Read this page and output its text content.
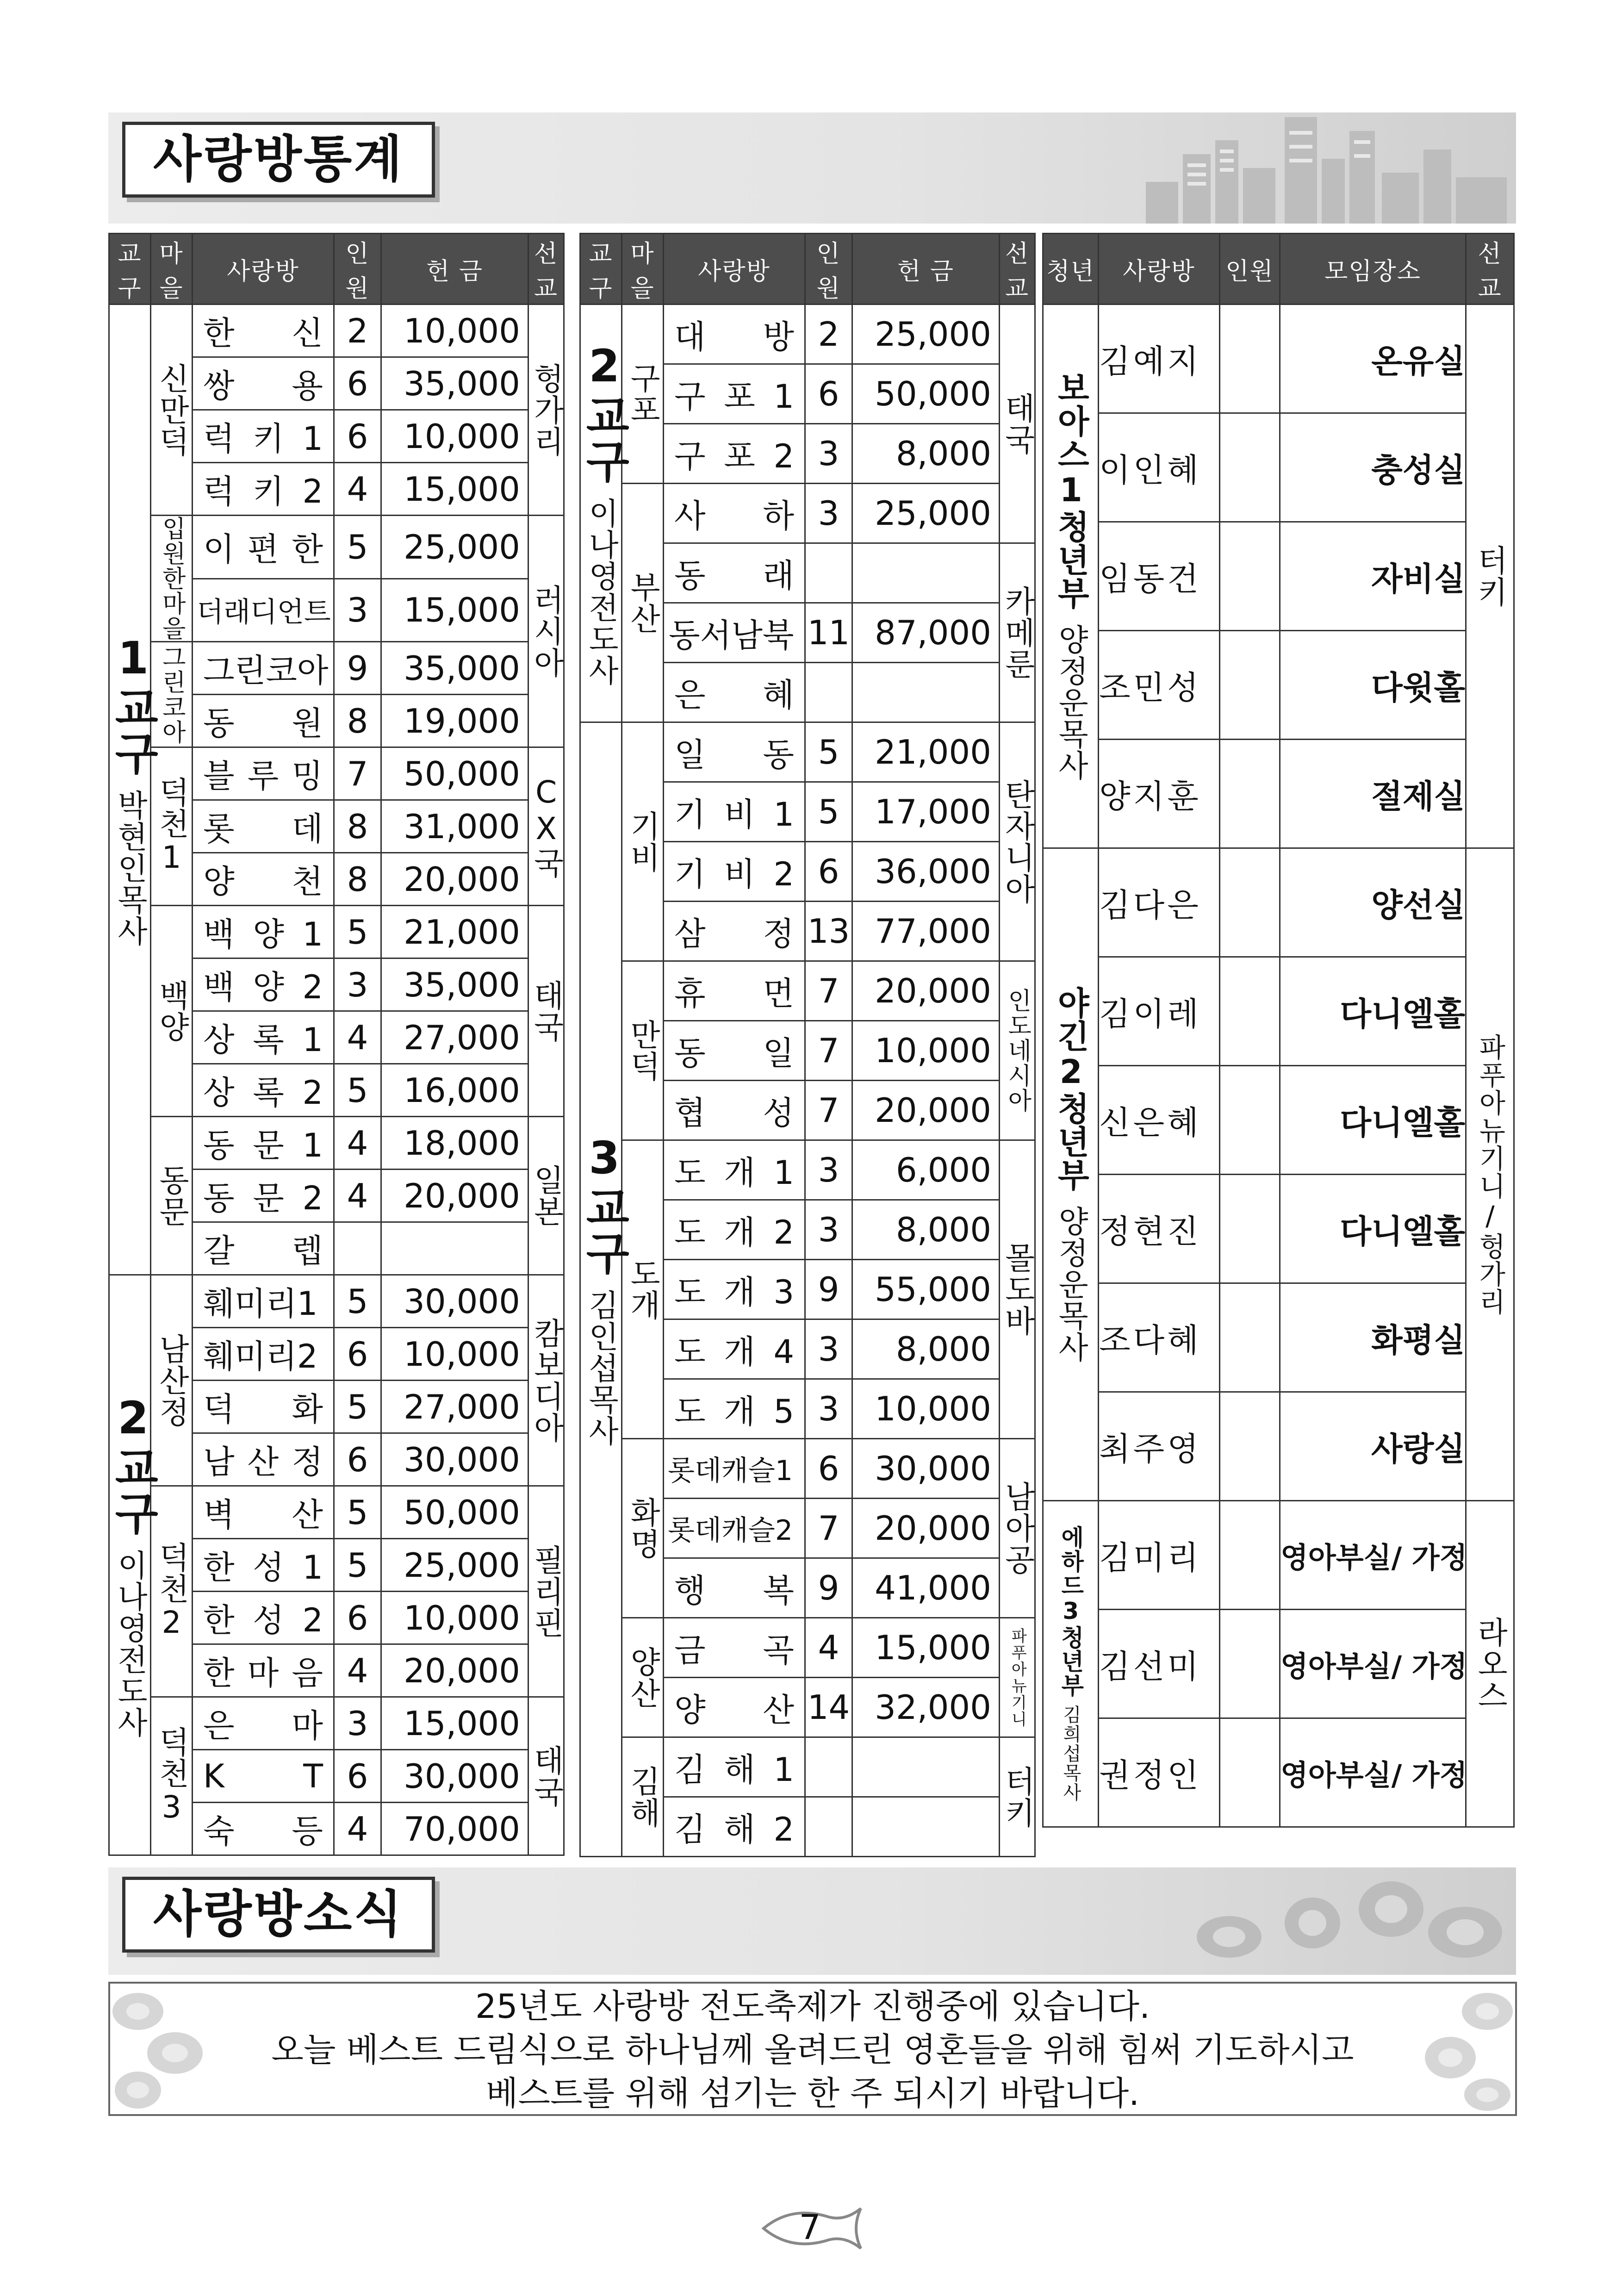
사랑방통계
교구	마을	사랑방	인원	헌 금	선교

1교구
박현인목사	신만덕	한 신	2	10,000	헝가리

		쌍 용	6	35,000	
		럭 키 1	6	10,000	
		럭 키 2	4	15,000	

	입원한마을	이 편 한	5	25,000	러시아

		더래디언트	3	15,000	

	그린코아	그린코아	9	35,000	
		동 원	8	19,000	

	덕천1	블 루 밍	7	50,000	CX국

		롯 데	8	31,000	
		양 천	8	20,000	

	백양	백 양 1	5	21,000	태국

		백 양 2	3	35,000	
		상 록 1	4	27,000	
		상 록 2	5	16,000	

	동문	동 문 1	4	18,000	일본

		동 문 2	4	20,000	
		갈 렙			

2교구
이나영전도사	남산정	훼미리1	5	30,000	캄보디아

		훼미리2	6	10,000	
		덕 화	5	27,000	
		남 산 정	6	30,000	

	덕천2	벽 산	5	50,000	필리핀

		한 성 1	5	25,000	
		한 성 2	6	10,000	
		한 마 음	4	20,000	

	덕천3	은 마	3	15,000	태국

		K T	6	30,000	
		숙 등	4	70,000	
교구	마을	사랑방	인원	헌 금	선교

2교구
이나영전도사	구포	대 방	2	25,000	태국

		구 포 1	6	50,000	
		구 포 2	3	8,000	

	부산	사 하	3	25,000	
		동 래			카메룬

		동서남북	11	87,000	
		은 혜			

3교구
김인섭목사	기비	일 동	5	21,000	탄자니아

		기 비 1	5	17,000	
		기 비 2	6	36,000	
		삼 정	13	77,000	

	만덕	휴 먼	7	20,000	인도네시아

		동 일	7	10,000	
		협 성	7	20,000	

	도개	도 개 1	3	6,000	몰도바

		도 개 2	3	8,000	
		도 개 3	9	55,000	
		도 개 4	3	8,000	
		도 개 5	3	10,000	

	화명	롯데캐슬1	6	30,000	남아공

		롯데캐슬2	7	20,000	
		행 복	9	41,000	

	양산	금 곡	4	15,000	파푸아뉴기니

		양 산	14	32,000	

	김해	김 해 1			터키

		김 해 2			
청년	사랑방	인원	모임장소	선교

보아스1청년부
양정운목사	김예지		온유실	터키

	이인혜		충성실	
	임동건		자비실	
	조민성		다윗홀	
	양지훈		절제실	

야긴2청년부
양정운목사	김다은		양선실	파푸아뉴기니/헝가리

	김이레		다니엘홀	
	신은혜		다니엘홀	
	정현진		다니엘홀	
	조다혜		화평실	
	최주영		사랑실	

에하드3청년부
김희섭목사	김미리		영아부실/ 가정	라오스

	김선미		영아부실/ 가정	
	권정인		영아부실/ 가정	
사랑방소식
25년도 사랑방 전도축제가 진행중에 있습니다.
오늘 베스트 드림식으로 하나님께 올려드린 영혼들을 위해 힘써 기도하시고
베스트를 위해 섬기는 한 주 되시기 바랍니다.
7
